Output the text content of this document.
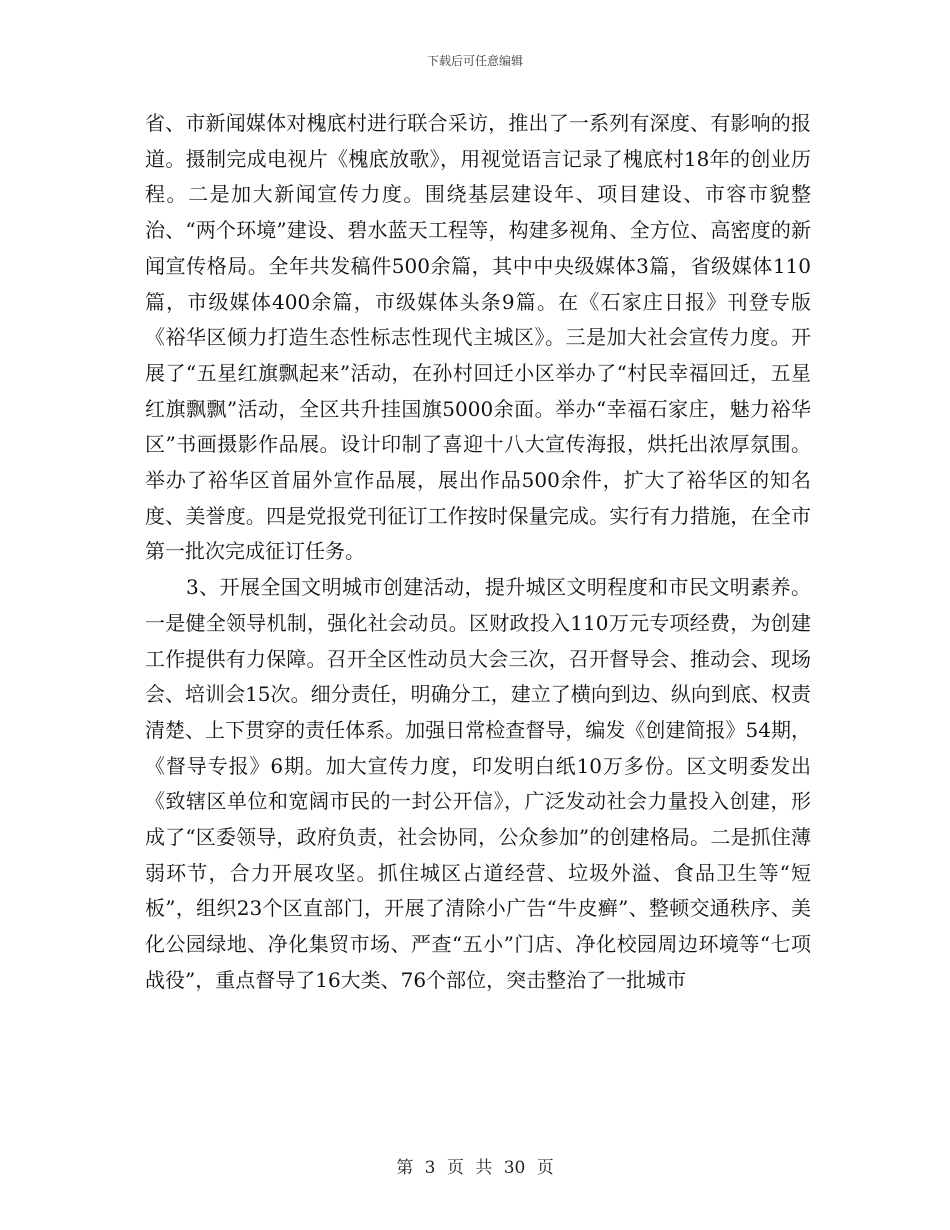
下载后可任意编辑

省、市新闻媒体对槐底村进行联合采访，推出了一系列有深度、有影响的报道。摄制完成电视片《槐底放歌》，用视觉语言记录了槐底村18年的创业历程。二是加大新闻宣传力度。围绕基层建设年、项目建设、市容市貌整治、“两个环境”建设、碧水蓝天工程等，构建多视角、全方位、高密度的新闻宣传格局。全年共发稿件500余篇，其中中央级媒体3篇，省级媒体110篇，市级媒体400余篇，市级媒体头条9篇。在《石家庄日报》刊登专版《裕华区倾力打造生态性标志性现代主城区》。三是加大社会宣传力度。开展了“五星红旗飘起来”活动，在孙村回迁小区举办了“村民幸福回迁，五星红旗飘飘”活动，全区共升挂国旗5000余面。举办“幸福石家庄，魅力裕华区”书画摄影作品展。设计印制了喜迎十八大宣传海报，烘托出浓厚氛围。举办了裕华区首届外宣作品展，展出作品500余件，扩大了裕华区的知名度、美誉度。四是党报党刊征订工作按时保量完成。实行有力措施，在全市第一批次完成征订任务。

3、开展全国文明城市创建活动，提升城区文明程度和市民文明素养。一是健全领导机制，强化社会动员。区财政投入110万元专项经费，为创建工作提供有力保障。召开全区性动员大会三次，召开督导会、推动会、现场会、培训会15次。细分责任，明确分工，建立了横向到边、纵向到底、权责清楚、上下贯穿的责任体系。加强日常检查督导，编发《创建简报》54期，《督导专报》6期。加大宣传力度，印发明白纸10万多份。区文明委发出《致辖区单位和宽阔市民的一封公开信》，广泛发动社会力量投入创建，形成了“区委领导，政府负责，社会协同，公众参加”的创建格局。二是抓住薄弱环节，合力开展攻坚。抓住城区占道经营、垃圾外溢、食品卫生等“短板”，组织23个区直部门，开展了清除小广告“牛皮癣”、整顿交通秩序、美化公园绿地、净化集贸市场、严查“五小”门店、净化校园周边环境等“七项战役”，重点督导了16大类、76个部位，突击整治了一批城市

第 3 页 共 30 页
